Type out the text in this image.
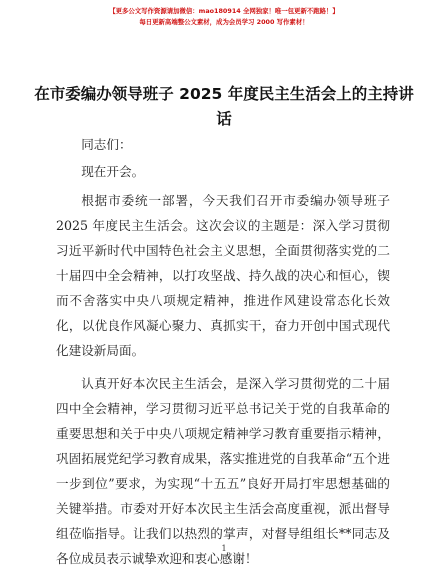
【更多公文写作资源请加微信：mao180914 全网独家！唯一包更新不跑路！】
每日更新高端整公文素材，成为会员学习 2000 写作素材！
在市委编办领导班子 2025 年度民主生活会上的主持讲话

同志们：

现在开会。

根据市委统一部署，今天我们召开市委编办领导班子 2025 年度民主生活会。这次会议的主题是：深入学习贯彻习近平新时代中国特色社会主义思想，全面贯彻落实党的二十届四中全会精神，以打攻坚战、持久战的决心和恒心，锲而不舍落实中央八项规定精神，推进作风建设常态化长效化，以优良作风凝心聚力、真抓实干，奋力开创中国式现代化建设新局面。

认真开好本次民主生活会，是深入学习贯彻党的二十届四中全会精神，学习贯彻习近平总书记关于党的自我革命的重要思想和关于中央八项规定精神学习教育重要指示精神，巩固拓展党纪学习教育成果，落实推进党的自我革命“五个进一步到位”要求，为实现“十五五”良好开局打牢思想基础的关键举措。市委对开好本次民主生活会高度重视，派出督导组莅临指导。让我们以热烈的掌声，对督导组组长**同志及各位成员表示诚挚欢迎和衷心感谢！

1
